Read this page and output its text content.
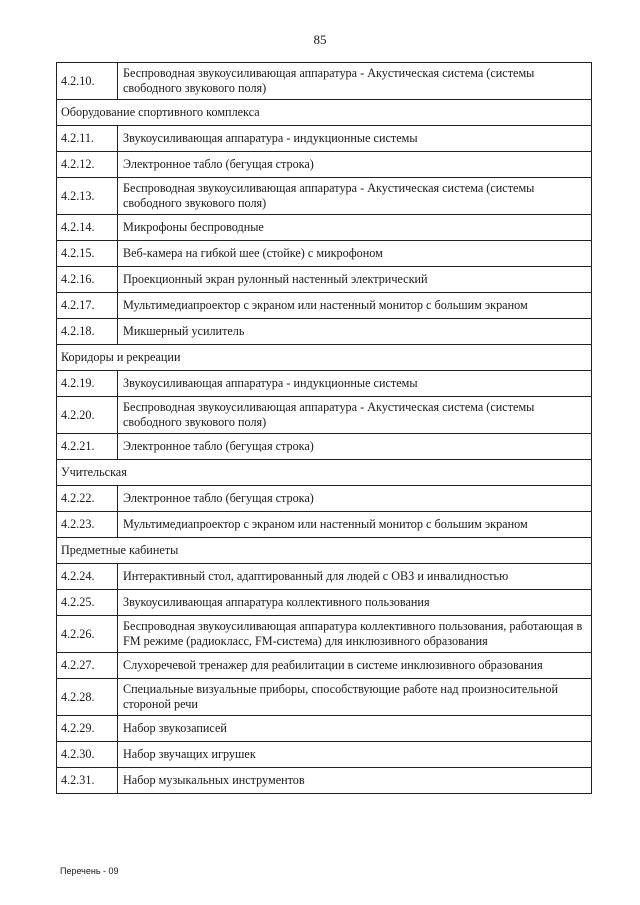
85
4.2.10.	Беспроводная звукоусиливающая аппаратура - Акустическая система (системы свободного звукового поля)
Оборудование спортивного комплекса	
4.2.11.	Звукоусиливающая аппаратура - индукционные системы
4.2.12.	Электронное табло (бегущая строка)
4.2.13.	Беспроводная звукоусиливающая аппаратура - Акустическая система (системы свободного звукового поля)
4.2.14.	Микрофоны беспроводные
4.2.15.	Веб-камера на гибкой шее (стойке) с микрофоном
4.2.16.	Проекционный экран рулонный настенный электрический
4.2.17.	Мультимедиапроектор с экраном или настенный монитор с большим экраном
4.2.18.	Микшерный усилитель
Коридоры и рекреации	
4.2.19.	Звукоусиливающая аппаратура - индукционные системы
4.2.20.	Беспроводная звукоусиливающая аппаратура - Акустическая система (системы свободного звукового поля)
4.2.21.	Электронное табло (бегущая строка)
Учительская	
4.2.22.	Электронное табло (бегущая строка)
4.2.23.	Мультимедиапроектор с экраном или настенный монитор с большим экраном
Предметные кабинеты	
4.2.24.	Интерактивный стол, адаптированный для людей с ОВЗ и инвалидностью
4.2.25.	Звукоусиливающая аппаратура коллективного пользования
4.2.26.	Беспроводная звукоусиливающая аппаратура коллективного пользования, работающая в FM режиме (радиокласс, FM-система) для инклюзивного образования
4.2.27.	Слухоречевой тренажер для реабилитации в системе инклюзивного образования
4.2.28.	Специальные визуальные приборы, способствующие работе над произносительной стороной речи
4.2.29.	Набор звукозаписей
4.2.30.	Набор звучащих игрушек
4.2.31.	Набор музыкальных инструментов
Перечень - 09
